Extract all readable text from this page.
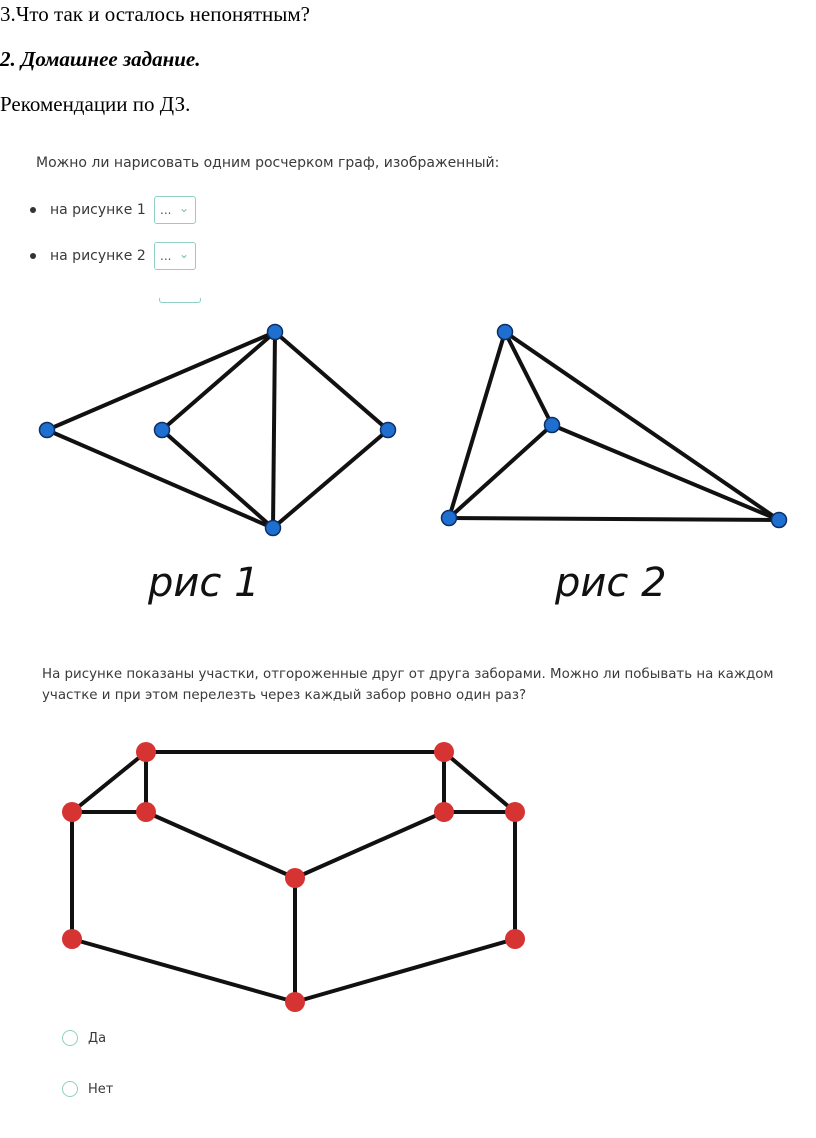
3.Что так и осталось непонятным?
2. Домашнее задание.
Рекомендации по ДЗ.
Можно ли нарисовать одним росчерком граф, изображенный:
на рисунке 1	... ⌄
на рисунке 2	... ⌄
рис 1	рис 2
На рисунке показаны участки, отгороженные друг от друга заборами. Можно ли побывать на каждом участке и при этом перелезть через каждый забор ровно один раз?
Да
Нет
